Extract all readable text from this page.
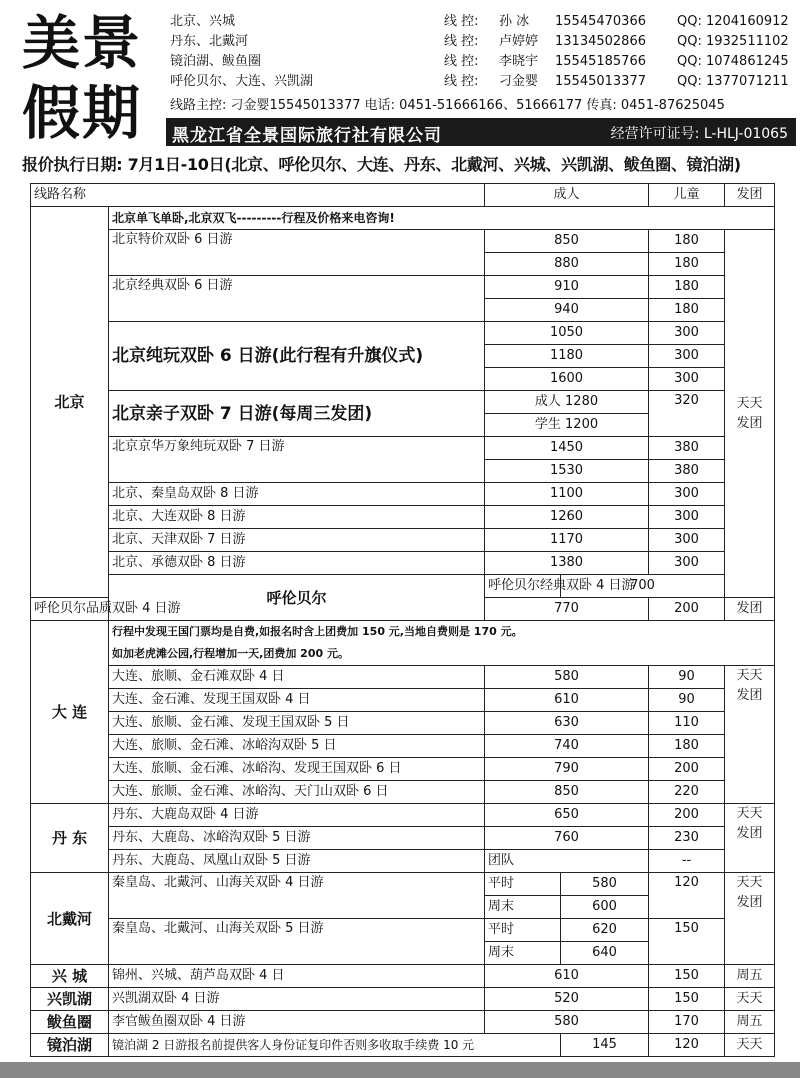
美景
假期
北京、兴城
丹东、北戴河
镜泊湖、鲅鱼圈
呼伦贝尔、大连、兴凯湖
线 控: 孙 冰 15545470366 QQ: 1204160912
线 控: 卢婷婷 13134502866 QQ: 1932511102
线 控: 李晓宇 15545185766 QQ: 1074861245
线 控: 刁金婴 15545013377 QQ: 1377071211
线路主控: 刁金婴15545013377 电话: 0451-51666166、51666177 传真: 0451-87625045
黑龙江省全景国际旅行社有限公司	经营许可证号: L-HLJ-01065
报价执行日期: 7月1日-10日(北京、呼伦贝尔、大连、丹东、北戴河、兴城、兴凯湖、鲅鱼圈、镜泊湖)
线路名称		成人		儿童	发团	
北京	北京单飞单卧,北京双飞---------行程及价格来电咨询!					
	北京特价双卧 6 日游	850		180	天天
发团	
		880		180		
	北京经典双卧 6 日游	910		180		
		940		180		
	北京纯玩双卧 6 日游(此行程有升旗仪式)	1050		300		
		1180		300		
		1600		300		
	北京亲子双卧 7 日游(每周三发团)	成人 1280		320		
		学生 1200				
	北京京华万象纯玩双卧 7 日游	1450		380		
		1530		380		
	北京、秦皇岛双卧 8 日游	1100		300		
	北京、大连双卧 8 日游	1260		300		
	北京、天津双卧 7 日游	1170		300		
	北京、承德双卧 8 日游	1380		300		
	呼伦贝尔	呼伦贝尔经典双卧 4 日游	700		
呼伦贝尔品质双卧 4 日游		770		200	发团	
大 连	行程中发现王国门票均是自费,如报名时含上团费加 150 元,当地自费则是 170 元。					
	如加老虎滩公园,行程增加一天,团费加 200 元。					
	大连、旅顺、金石滩双卧 4 日	580		90	天天
发团	
	大连、金石滩、发现王国双卧 4 日	610		90		
	大连、旅顺、金石滩、发现王国双卧 5 日	630		110		
	大连、旅顺、金石滩、冰峪沟双卧 5 日	740		180		
	大连、旅顺、金石滩、冰峪沟、发现王国双卧 6 日	790		200		
	大连、旅顺、金石滩、冰峪沟、天门山双卧 6 日	850		220		
丹 东	丹东、大鹿岛双卧 4 日游	650		200	天天
发团	
	丹东、大鹿岛、冰峪沟双卧 5 日游	760		230		
	丹东、大鹿岛、凤凰山双卧 5 日游	团队		--		
北戴河	秦皇岛、北戴河、山海关双卧 4 日游	平时	580	120	天天
发团	
		周末	600			
	秦皇岛、北戴河、山海关双卧 5 日游	平时	620	150		
		周末	640			
兴 城	锦州、兴城、葫芦岛双卧 4 日	610		150	周五	
兴凯湖	兴凯湖双卧 4 日游	520		150	天天	
鲅鱼圈	李官鲅鱼圈双卧 4 日游	580		170	周五	
镜泊湖	镜泊湖 2 日游报名前提供客人身份证复印件否则多收取手续费 10 元		145	120	天天	
